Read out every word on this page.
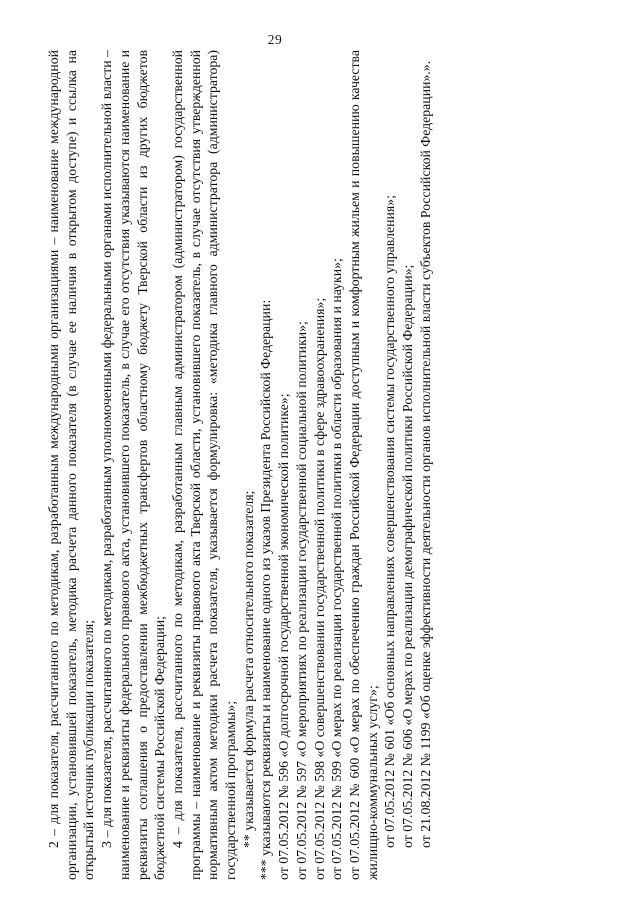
29

2 – для показателя, рассчитанного по методикам, разработанным международными организациями – наименование международной организации, установившей показатель, методика расчета данного показателя (в случае ее наличия в открытом доступе) и ссылка на открытый источник публикации показателя; 3 – для показателя, рассчитанного по методикам, разработанным уполномоченными федеральными органами исполнительной власти – наименование и реквизиты федерального правового акта, установившего показатель, в случае его отсутствия указываются наименование и реквизиты соглашения о предоставлении межбюджетных трансфертов областному бюджету Тверской области из других бюджетов бюджетной системы Российской Федерации; 4 – для показателя, рассчитанного по методикам, разработанным главным администратором (администратором) государственной программы – наименование и реквизиты правового акта Тверской области, установившего показатель, в случае отсутствия утвержденной нормативным актом методики расчета показателя, указывается формулировка: «методика главного администратора (администратора) государственной программы»; ** указывается формула расчета относительного показателя; *** указываются реквизиты и наименование одного из указов Президента Российской Федерации: от 07.05.2012 № 596 «О долгосрочной государственной экономической политике»; от 07.05.2012 № 597 «О мероприятиях по реализации государственной социальной политики»; от 07.05.2012 № 598 «О совершенствовании государственной политики в сфере здравоохранения»; от 07.05.2012 № 599 «О мерах по реализации государственной политики в области образования и науки»; от 07.05.2012 № 600 «О мерах по обеспечению граждан Российской Федерации доступным и комфортным жильем и повышению качества жилищно-коммунальных услуг»; от 07.05.2012 № 601 «Об основных направлениях совершенствования системы государственного управления»; от 07.05.2012 № 606 «О мерах по реализации демографической политики Российской Федерации»; от 21.08.2012 № 1199 «Об оценке эффективности деятельности органов исполнительной власти субъектов Российской Федерации».».
